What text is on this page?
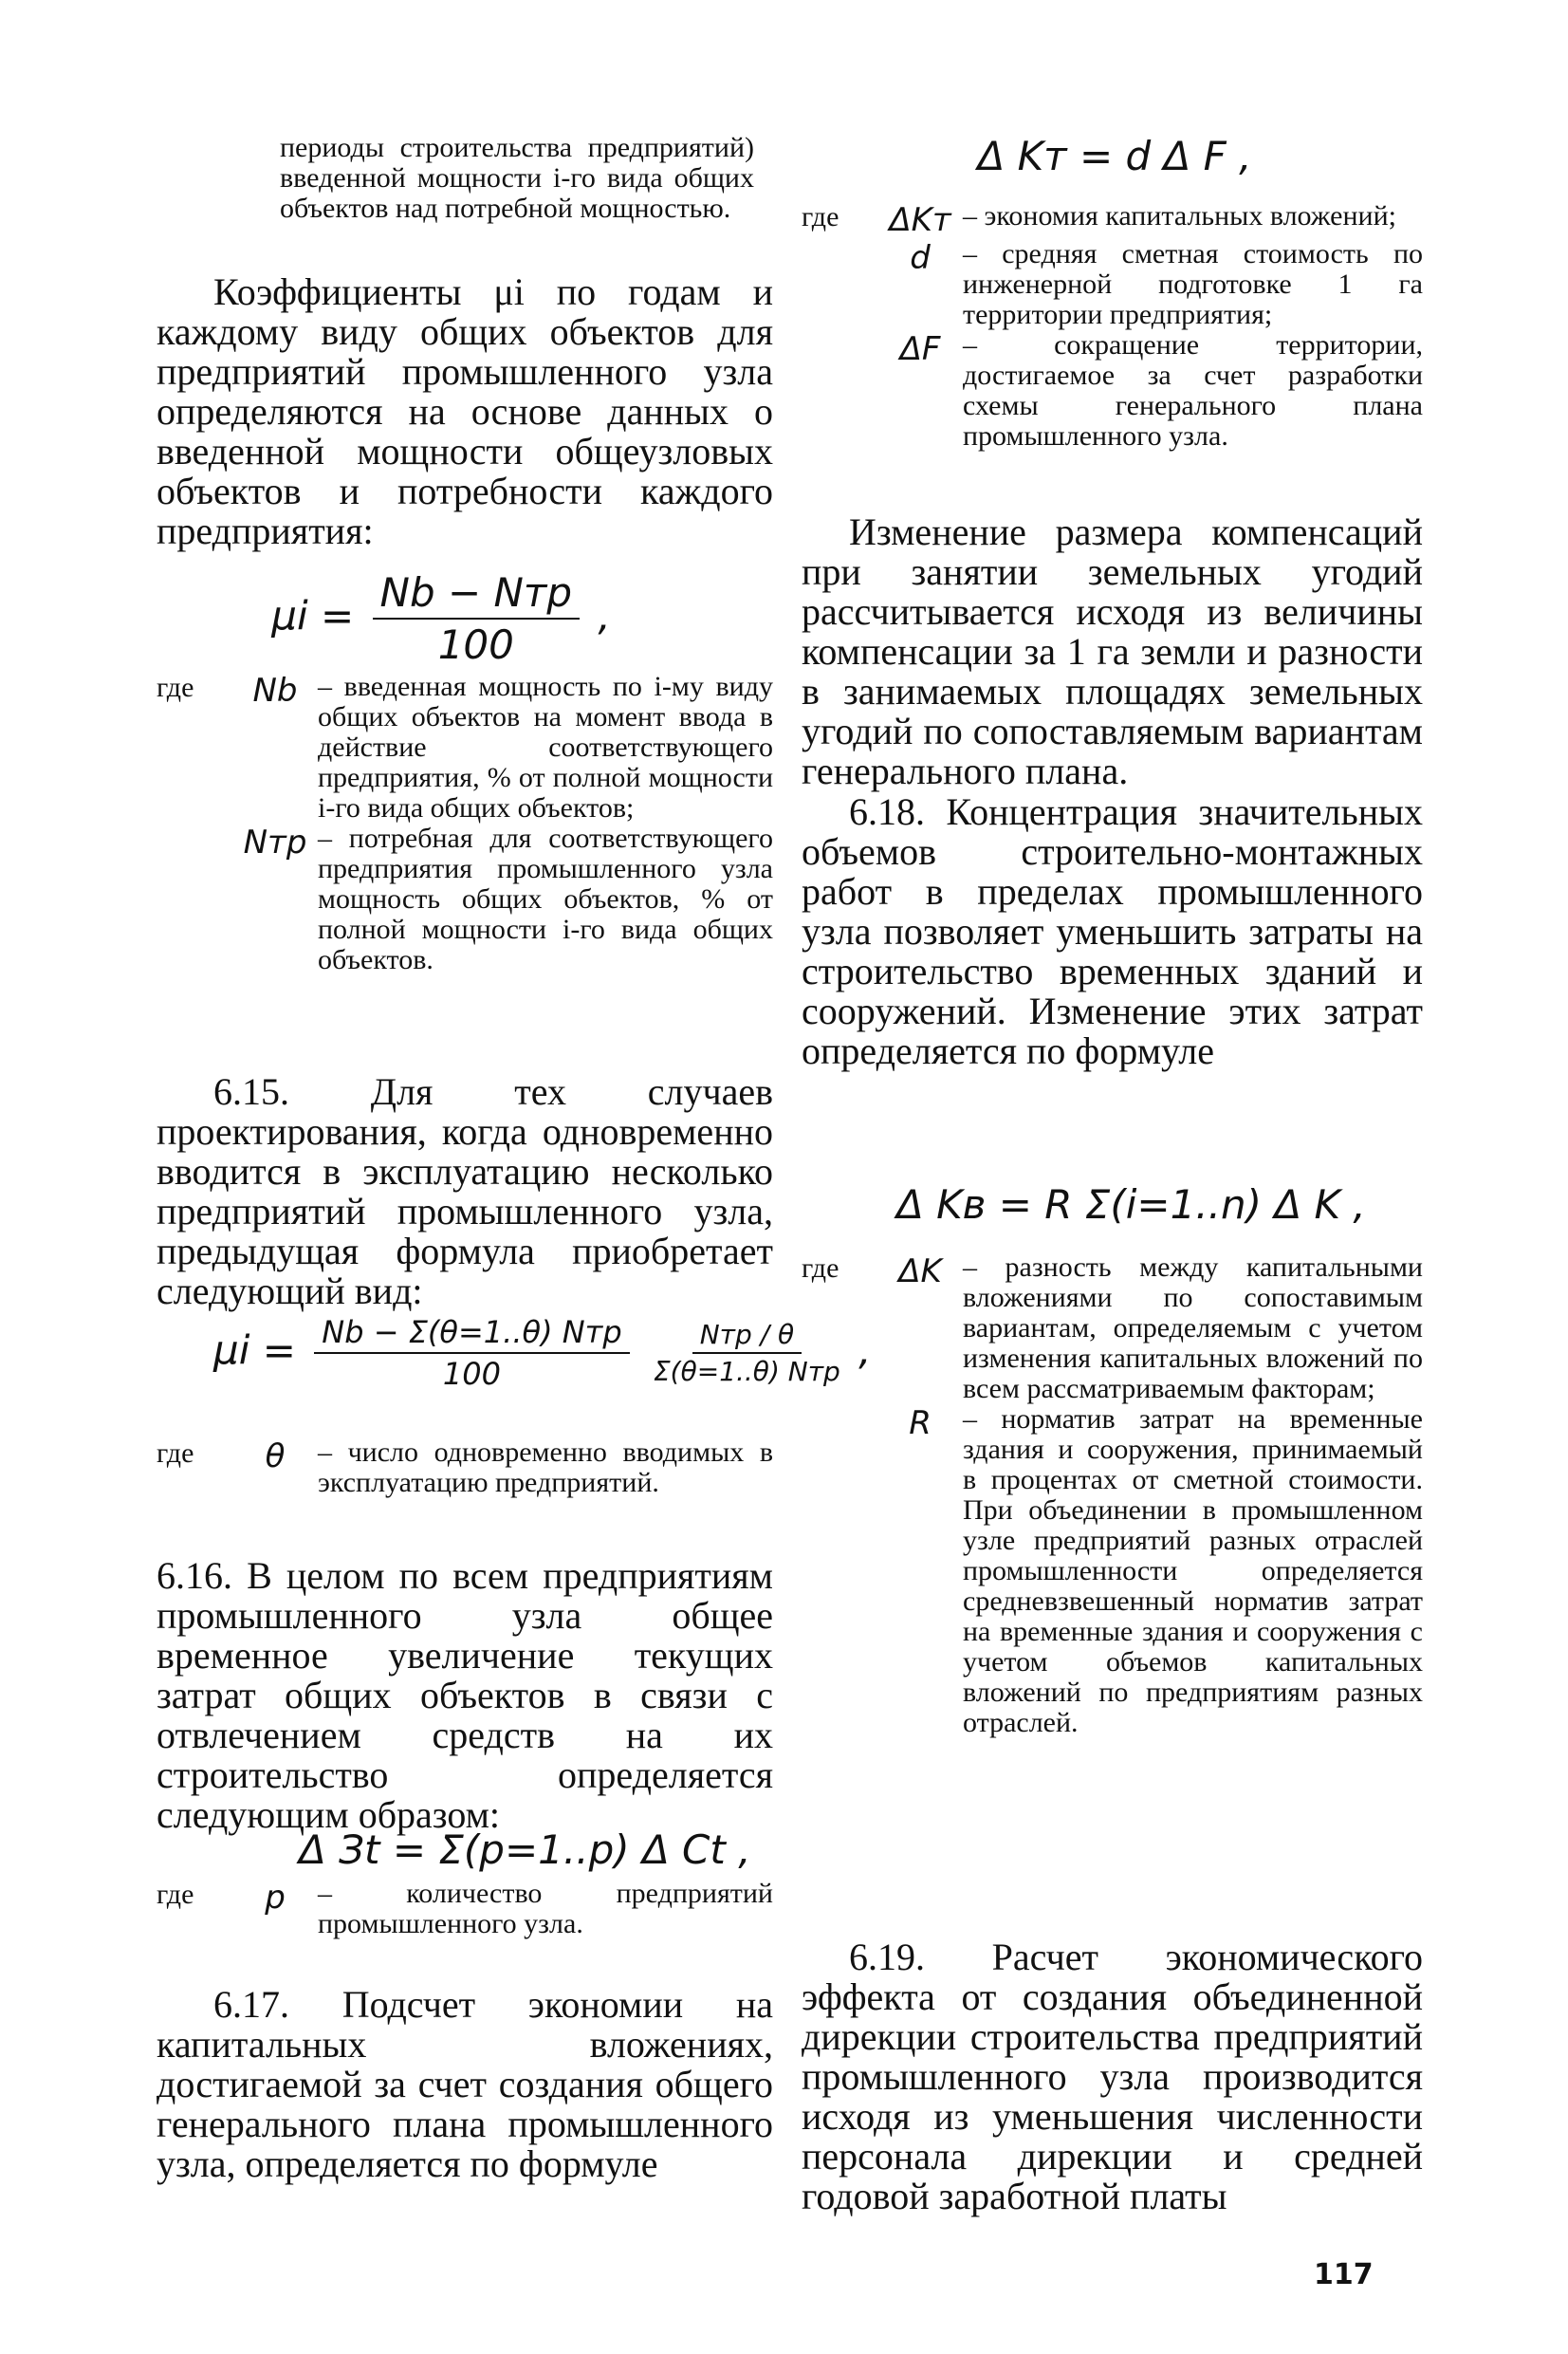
периоды строительства предприятий) введенной мощности i-го вида общих объектов над потребной мощностью.

Коэффициенты μi по годам и каждому виду общих объектов для предприятий промышленного узла определяются на основе данных о введенной мощности общеузловых объектов и потребности каждого предприятия:

$\mu i = \frac{\text{Nb − Nтр}}{100}$ ,
где	Nb – введенная мощность по i-му виду общих объектов на момент ввода в действие соответствующего предприятия, % от полной мощности i-го вида общих объектов;
Nтр – потребная для соответствующего предприятия промышленного узла мощность общих объектов, % от полной мощности i-го вида общих объектов.

6.15. Для тех случаев проектирования, когда одновременно вводится в эксплуатацию несколько предприятий промышленного узла, предыдущая формула приобретает следующий вид:

$\mu i = \frac{\text{Nb − Σ(θ=1..θ) Nтр}}{100}$
$\frac{\text{Nтр / θ}}{\text{Σ(θ=1..θ) Nтр}}$ ,
где	θ	– число одновременно вводимых в эксплуатацию предприятий.

6.16. В целом по всем предприятиям промышленного узла общее временное увеличение текущих затрат общих объектов в связи с отвлечением средств на их строительство определяется следующим образом:

Δ Зt = Σ(p=1..p) Δ Ct ,
где	p	– количество предприятий промышленного узла.

6.17. Подсчет экономии на капитальных вложениях, достигаемой за счет создания общего генерального плана промышленного узла, определяется по формуле

Δ Kт = d Δ F ,
где	ΔKт – экономия капитальных вложений;
d	– средняя сметная стоимость по инженерной подготовке 1 га территории предприятия;
ΔF – сокращение территории, достигаемое за счет разработки схемы генерального плана промышленного узла.

Изменение размера компенсаций при занятии земельных угодий рассчитывается исходя из величины компенсации за 1 га земли и разности в занимаемых площадях земельных угодий по сопоставляемым вариантам генерального плана.

6.18. Концентрация значительных объемов строительно-монтажных работ в пределах промышленного узла позволяет уменьшить затраты на строительство временных зданий и сооружений. Изменение этих затрат определяется по формуле

Δ Kв = R Σ(i=1..n) Δ K ,
где	ΔK – разность между капитальными вложениями по сопоставимым вариантам, определяемым с учетом изменения капитальных вложений по всем рассматриваемым факторам;
R	– норматив затрат на временные здания и сооружения, принимаемый в процентах от сметной стоимости. При объединении в промышленном узле предприятий разных отраслей промышленности определяется средневзвешенный норматив затрат на временные здания и сооружения с учетом объемов капитальных вложений по предприятиям разных отраслей.

6.19. Расчет экономического эффекта от создания объединенной дирекции строительства предприятий промышленного узла производится исходя из уменьшения численности персонала дирекции и средней годовой заработной платы

117
